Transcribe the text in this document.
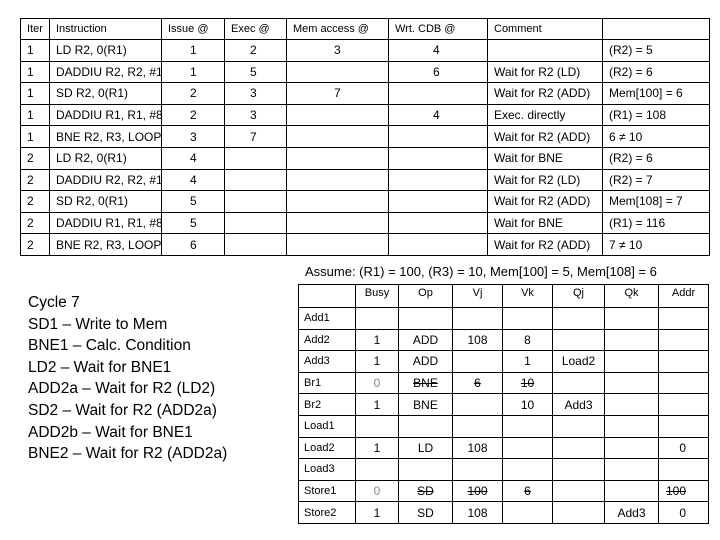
Iter	Instruction	Issue @	Exec @	Mem access @	Wrt. CDB @	Comment	
1	LD R2, 0(R1)	1	2	3	4		(R2) = 5
1	DADDIU R2, R2, #1	1	5		6	Wait for R2 (LD)	(R2) = 6
1	SD R2, 0(R1)	2	3	7		Wait for R2 (ADD)	Mem[100] = 6
1	DADDIU R1, R1, #8	2	3		4	Exec. directly	(R1) = 108
1	BNE R2, R3, LOOP	3	7			Wait for R2 (ADD)	6 ≠ 10
2	LD R2, 0(R1)	4				Wait for BNE	(R2) = 6
2	DADDIU R2, R2, #1	4				Wait for R2 (LD)	(R2) = 7
2	SD R2, 0(R1)	5				Wait for R2 (ADD)	Mem[108] = 7
2	DADDIU R1, R1, #8	5				Wait for BNE	(R1) = 116
2	BNE R2, R3, LOOP	6				Wait for R2 (ADD)	7 ≠ 10
Assume: (R1) = 100, (R3) = 10, Mem[100] = 5, Mem[108] = 6
Cycle 7
SD1 – Write to Mem
BNE1 – Calc. Condition
LD2 – Wait for BNE1
ADD2a – Wait for R2 (LD2)
SD2 – Wait for R2 (ADD2a)
ADD2b – Wait for BNE1
BNE2 – Wait for R2 (ADD2a)
	Busy	Op	Vj	Vk	Qj	Qk	Addr
Add1							
Add2	1	ADD	108	8			
Add3	1	ADD		1	Load2		
Br1	0	BNE	6	10			
Br2	1	BNE		10	Add3		
Load1							
Load2	1	LD	108				0
Load3							
Store1	0	SD	100	6			100
Store2	1	SD	108			Add3	0
